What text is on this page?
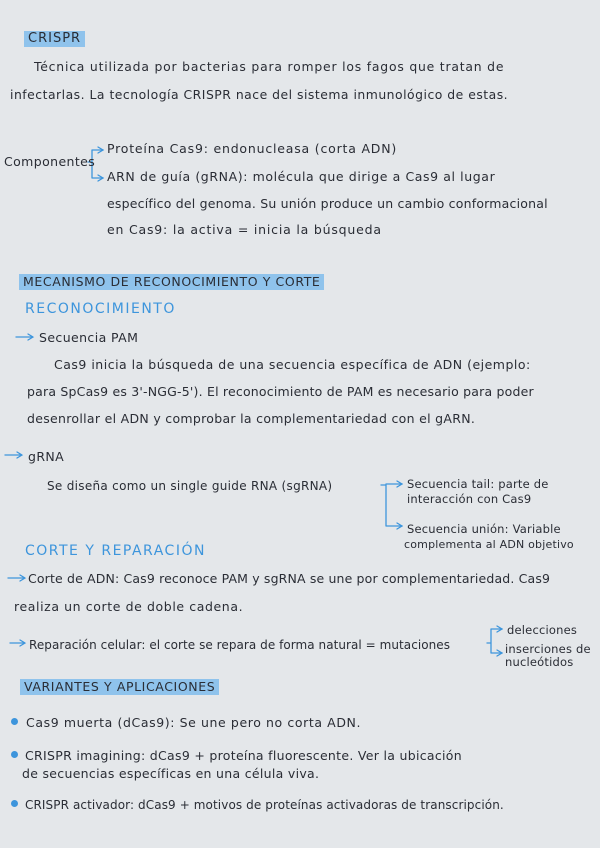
CRISPR
Técnica utilizada por bacterias para romper los fagos que tratan de
infectarlas. La tecnología CRISPR nace del sistema inmunológico de estas.
Componentes
Proteína Cas9: endonucleasa (corta ADN)
ARN de guía (gRNA): molécula que dirige a Cas9 al lugar
específico del genoma. Su unión produce un cambio conformacional
en Cas9: la activa = inicia la búsqueda
MECANISMO DE RECONOCIMIENTO Y CORTE
RECONOCIMIENTO
Secuencia PAM
Cas9 inicia la búsqueda de una secuencia específica de ADN (ejemplo:
para SpCas9 es 3'-NGG-5'). El reconocimiento de PAM es necesario para poder
desenrollar el ADN y comprobar la complementariedad con el gARN.
gRNA
Se diseña como un single guide RNA (sgRNA)	Secuencia tail: parte de
interacción con Cas9
Secuencia unión: Variable
complementa al ADN objetivo
CORTE Y REPARACIÓN
Corte de ADN: Cas9 reconoce PAM y sgRNA se une por complementariedad. Cas9
realiza un corte de doble cadena.
Reparación celular: el corte se repara de forma natural = mutaciones
delecciones
inserciones de
nucleótidos
VARIANTES Y APLICACIONES
Cas9 muerta (dCas9): Se une pero no corta ADN.
CRISPR imagining: dCas9 + proteína fluorescente. Ver la ubicación
de secuencias específicas en una célula viva.
CRISPR activador: dCas9 + motivos de proteínas activadoras de transcripción.
